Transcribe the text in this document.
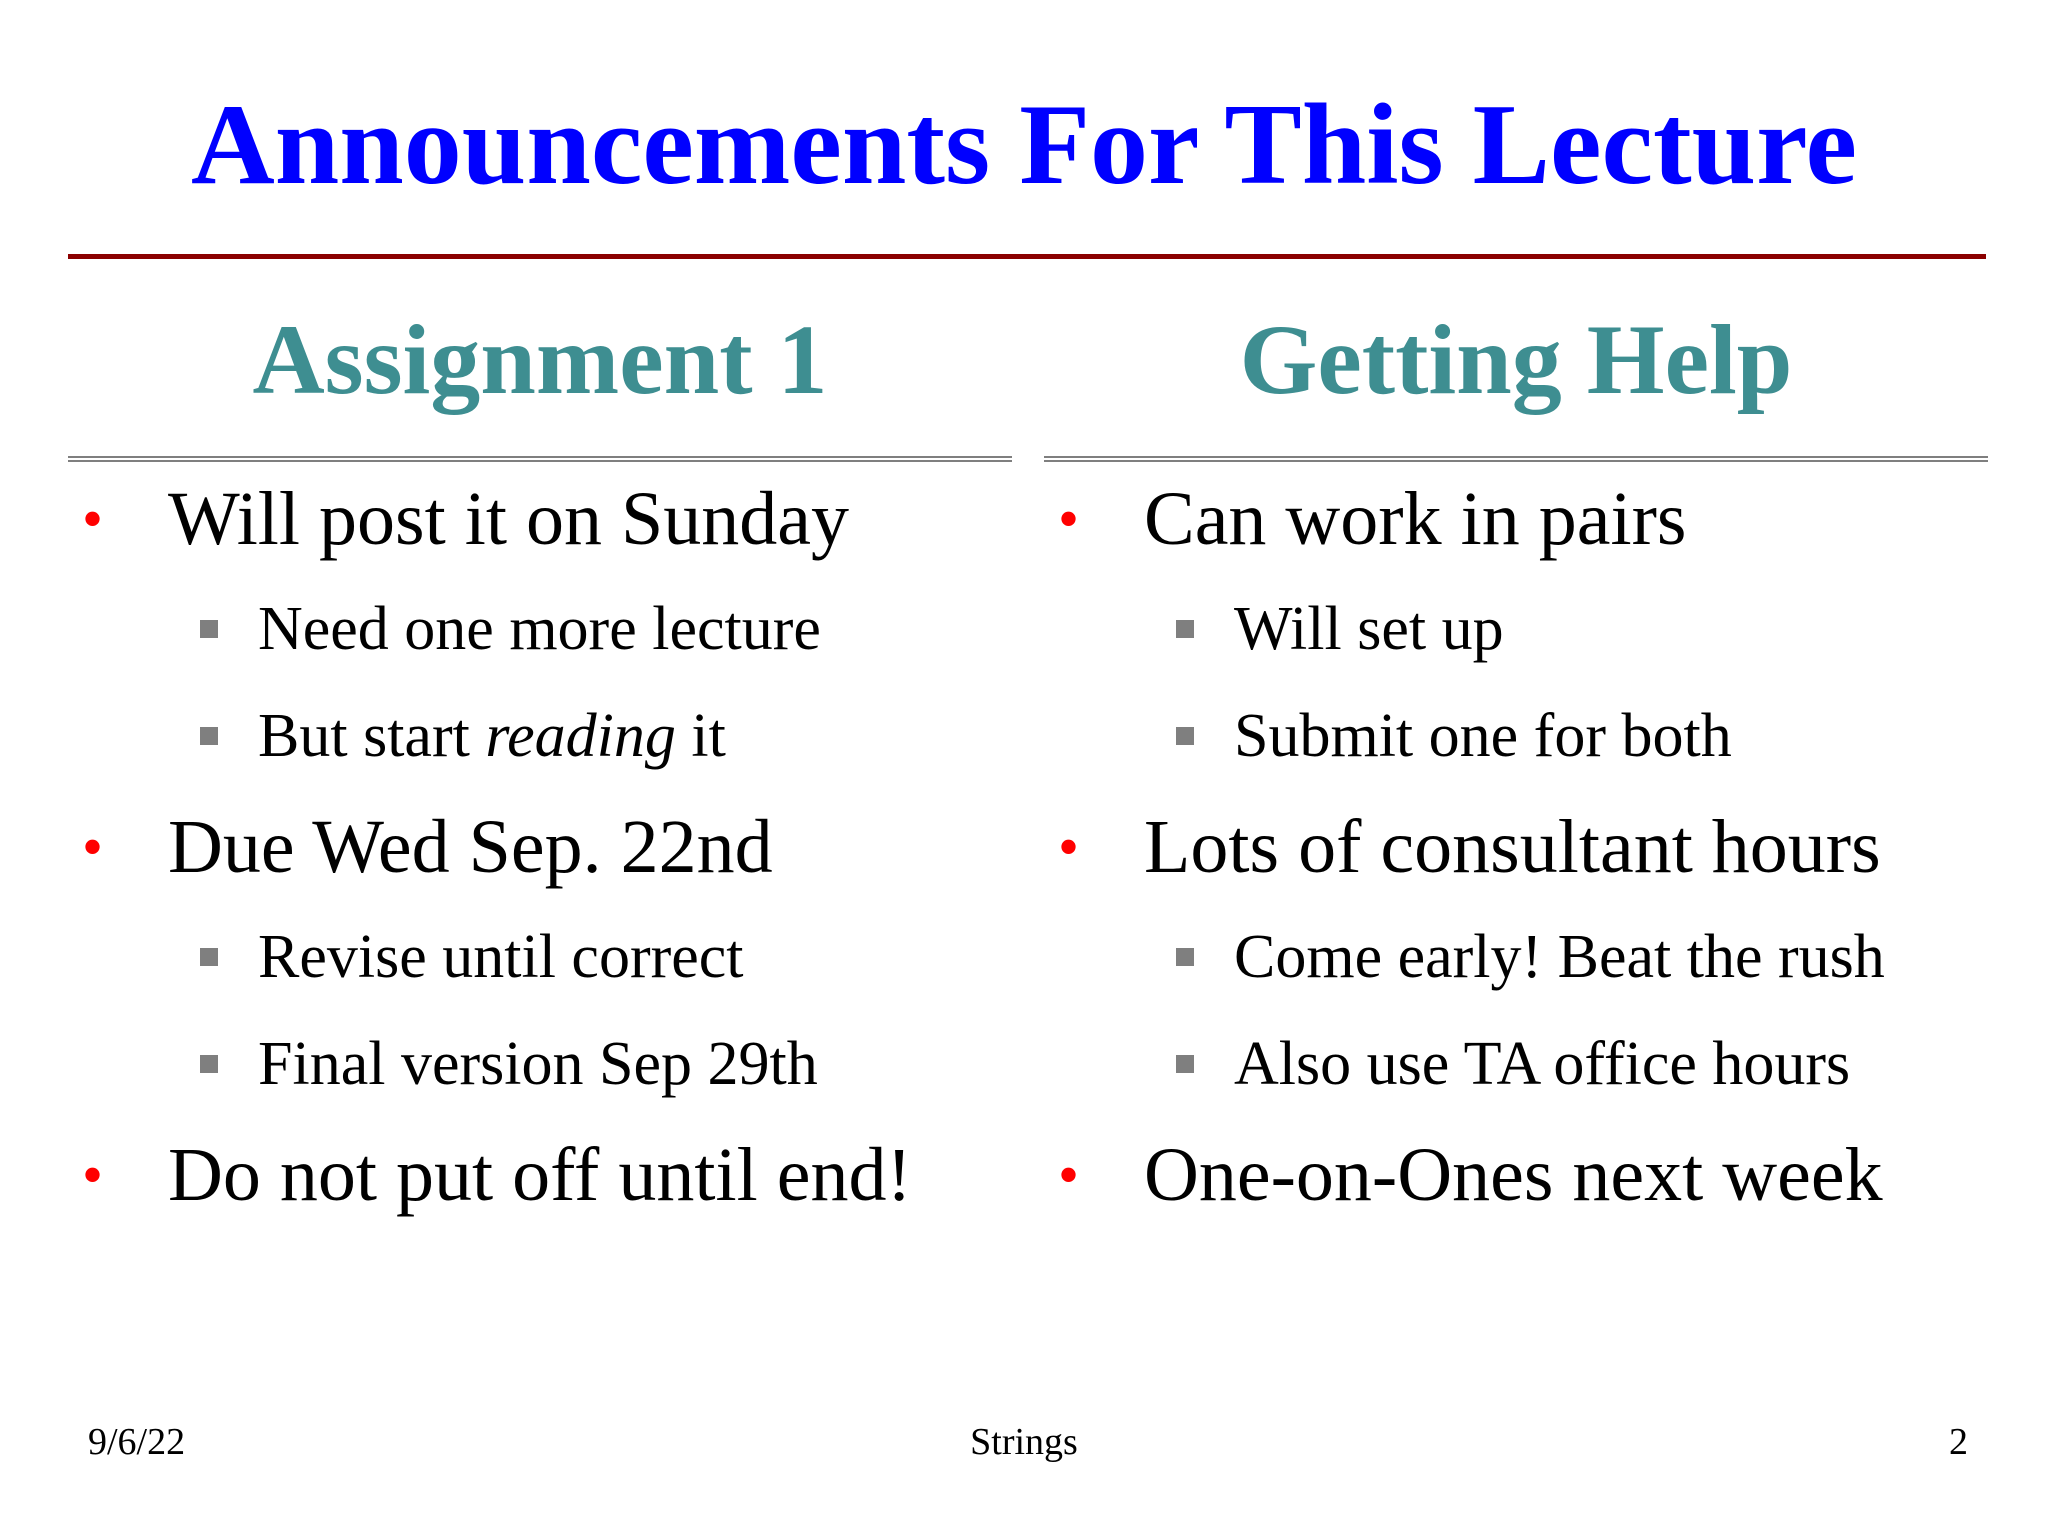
Announcements For This Lecture
Assignment 1
• Will post it on Sunday
Need one more lecture
But start reading it
• Due Wed Sep. 22nd
Revise until correct
Final version Sep 29th
• Do not put off until end!
Getting Help
• Can work in pairs
Will set up
Submit one for both
• Lots of consultant hours
Come early! Beat the rush
Also use TA office hours
• One-on-Ones next week
9/6/22	Strings	2
